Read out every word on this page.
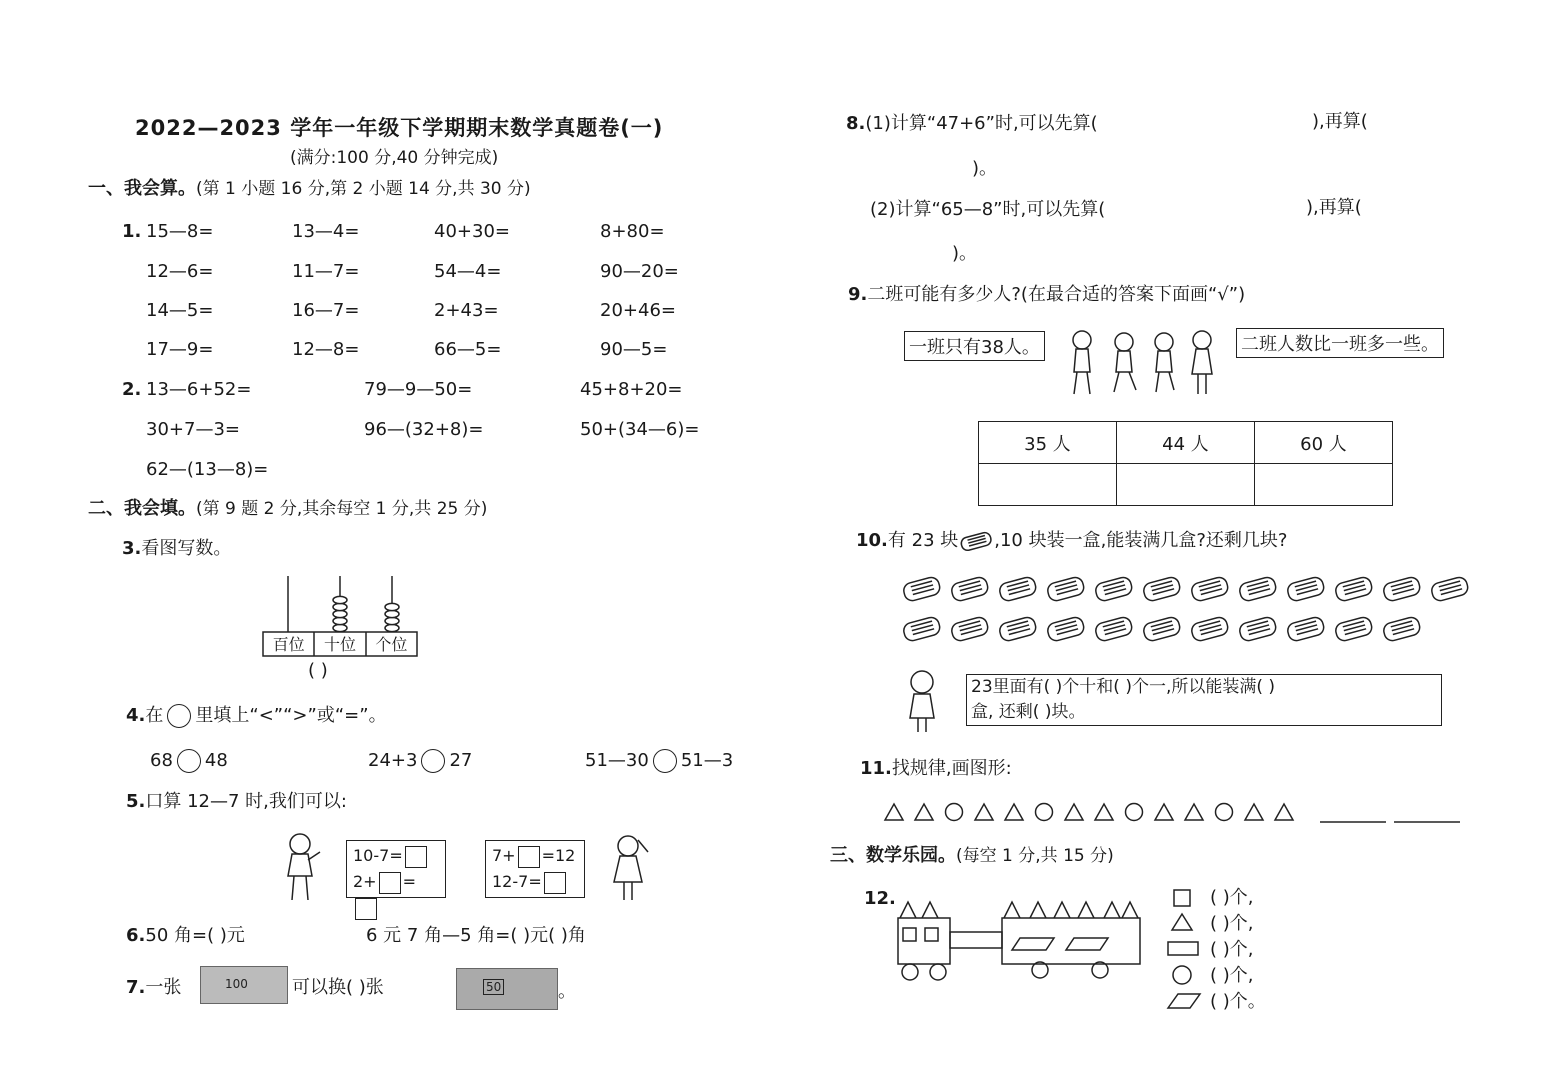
2022—2023 学年一年级下学期期末数学真题卷(一)
(满分:100 分,40 分钟完成)
一、我会算。(第 1 小题 16 分,第 2 小题 14 分,共 30 分)
1. 15—8=	13—4=	40+30=	8+80=
12—6=	11—7=	54—4=	90—20=
14—5=	16—7=	2+43=	20+46=
17—9=	12—8=	66—5=	90—5=
2. 13—6+52=	79—9—50=	45+8+20=
30+7—3=	96—(32+8)=	50+(34—6)=
62—(13—8)=
二、我会填。(第 9 题 2 分,其余每空 1 分,共 25 分)
3.看图写数。
百位	十位	个位
( )
4.在 里填上“<”“>”或“=”。
68 48	24+3 27	51—30 51—3
5.口算 12—7 时,我们可以:
10-7=
2+ =
7+ =12
12-7=
6.50 角=( )元	6 元 7 角—5 角=( )元( )角
7.一张	100 可以换( )张	50	。
8.(1)计算“47+6”时,可以先算(	),再算(
)。
(2)计算“65—8”时,可以先算(	),再算(
)。
9.二班可能有多少人?(在最合适的答案下面画“√”)
一班只有38人。	二班人数比一班多一些。
35 人	44 人	60 人

10.有 23 块 ,10 块装一盒,能装满几盒?还剩几块?
23里面有( )个十和( )个一,所以能装满( )
盒, 还剩( )块。
11.找规律,画图形:
三、数学乐园。(每空 1 分,共 15 分)
12.	( )个,
( )个,
( )个,
( )个,
( )个。
